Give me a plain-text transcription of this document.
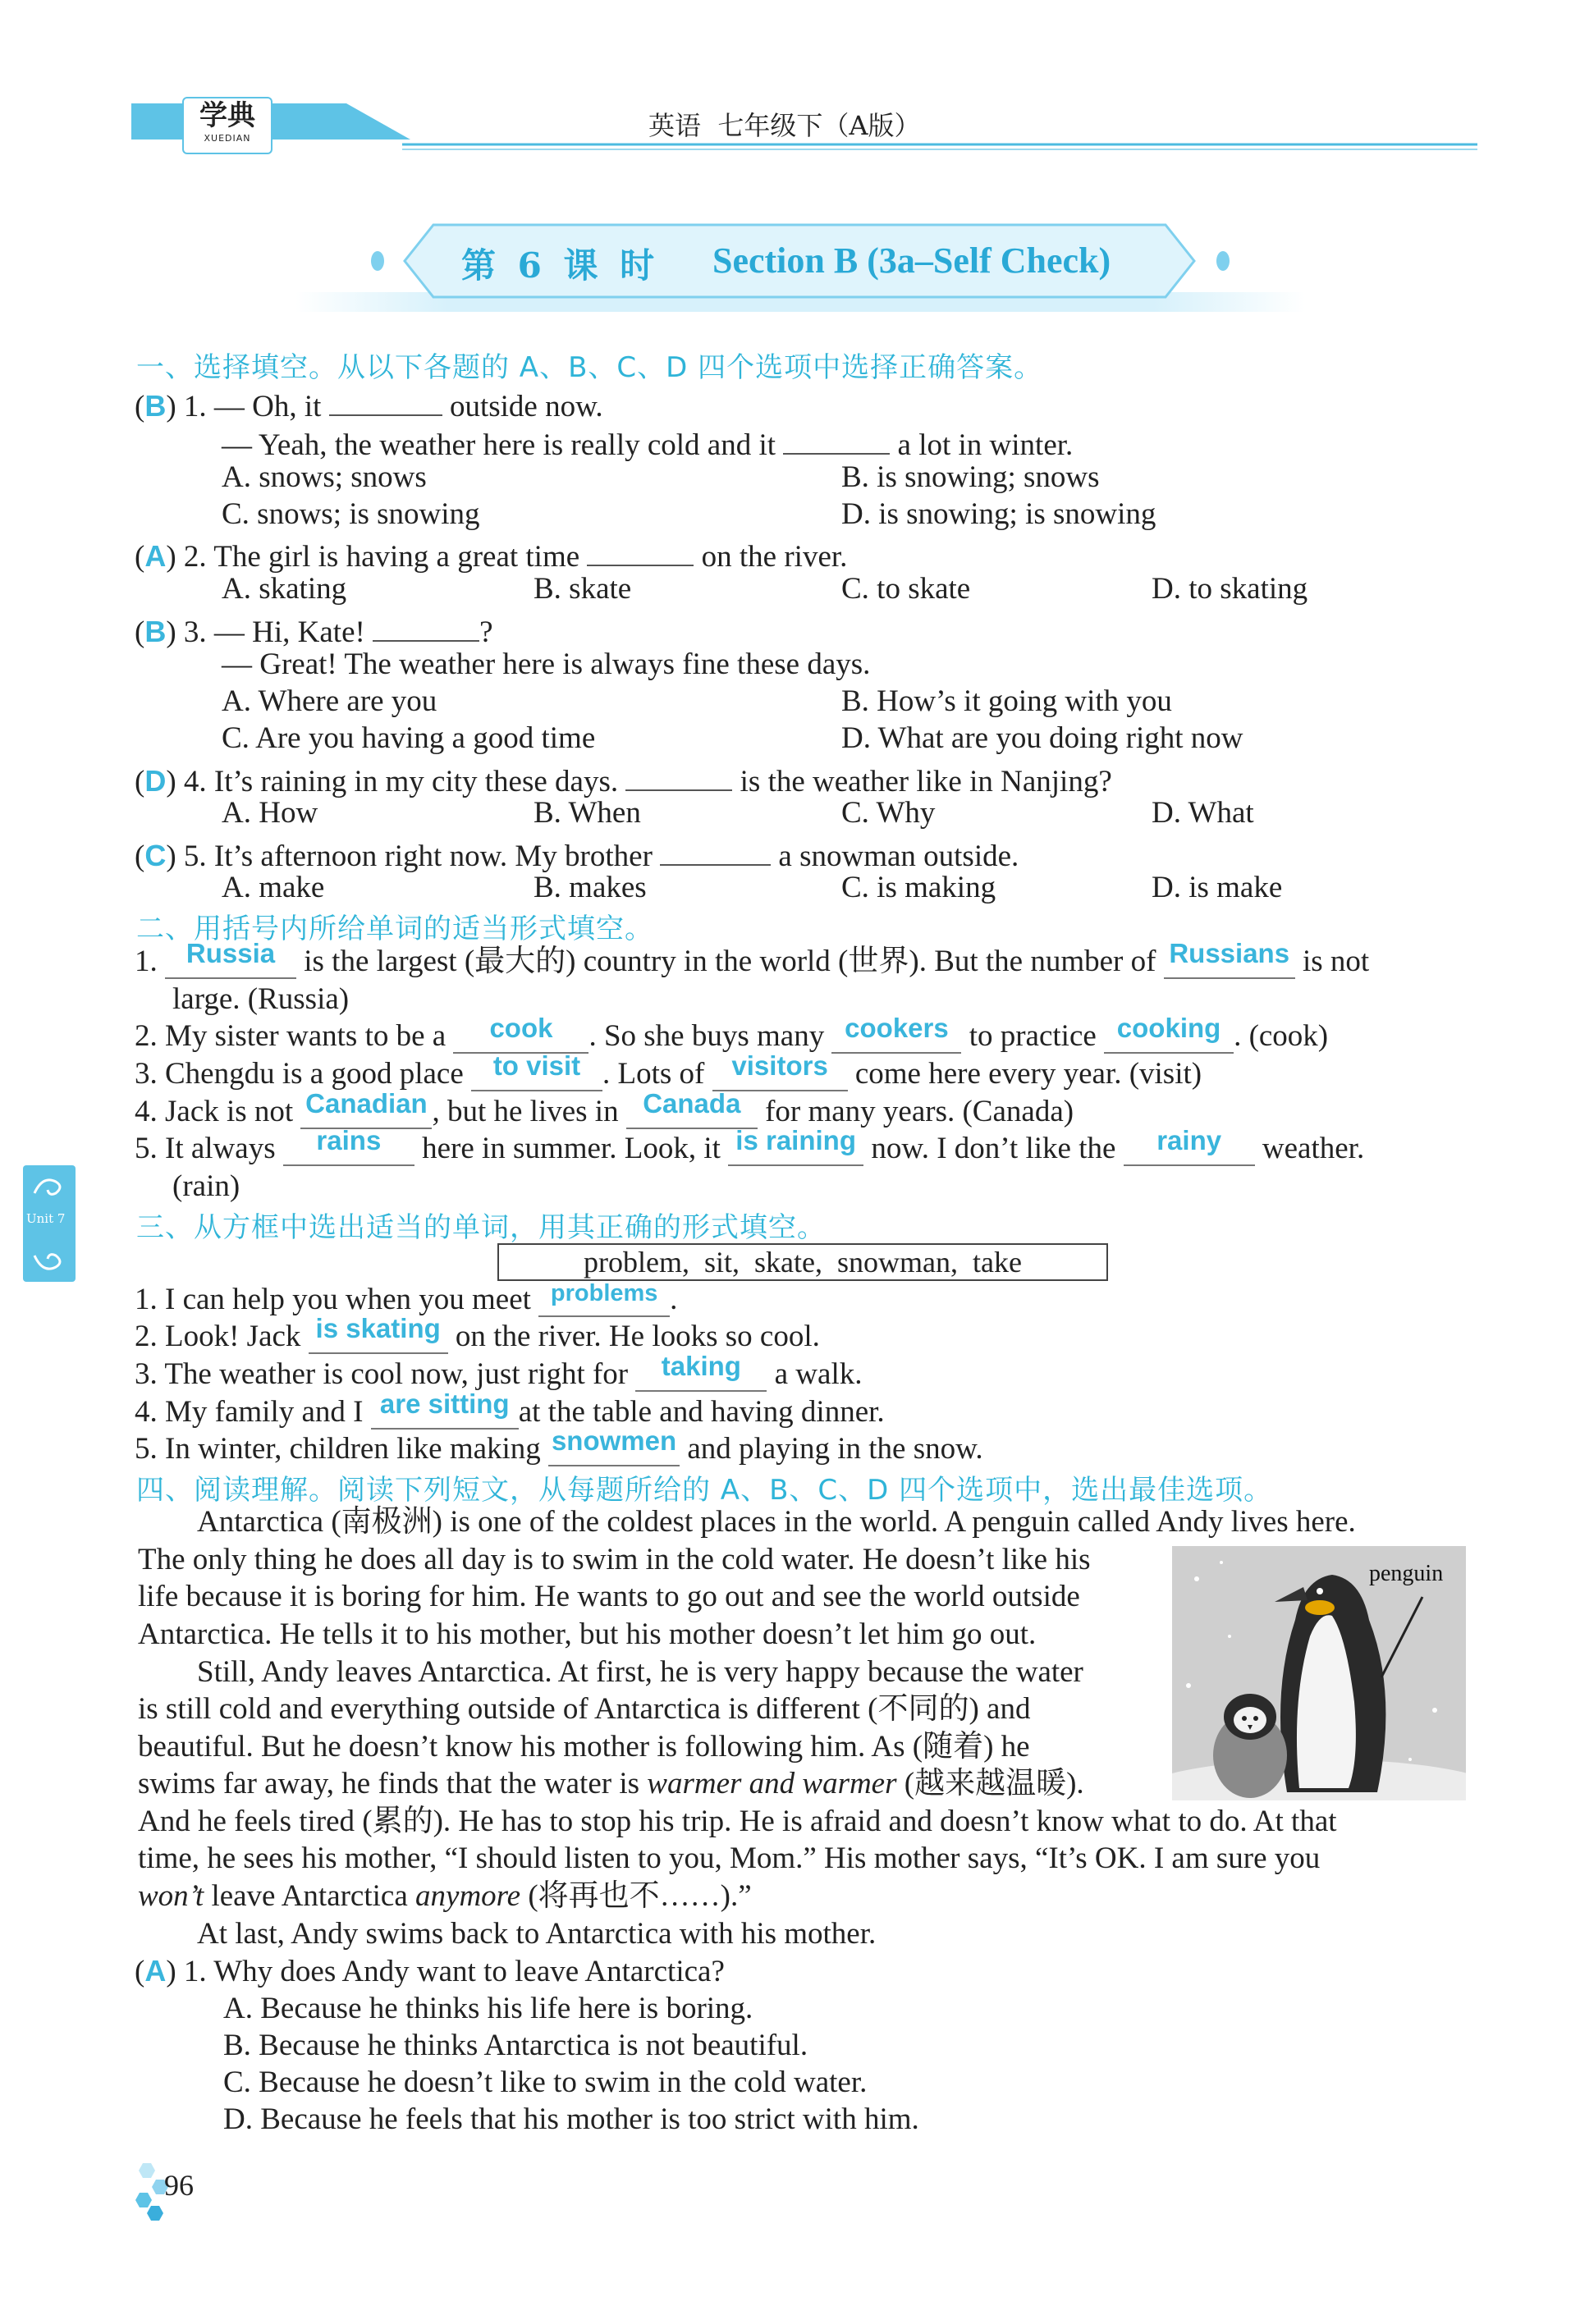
学典
XUEDIAN	英语  七年级下（A版）
第 6 课 时 Section B (3a–Self Check)
Unit 7
一、选择填空。从以下各题的 A、B、C、D 四个选项中选择正确答案。
(B) 1. — Oh, it	outside now.
— Yeah, the weather here is really cold and it	a lot in winter.
A. snows; snows	B. is snowing; snows
C. snows; is snowing	D. is snowing; is snowing
(A) 2. The girl is having a great time	on the river.
A. skating	B. skate	C. to skate	D. to skating
(B) 3. — Hi, Kate!	?
— Great! The weather here is always fine these days.
A. Where are you	B. How’s it going with you
C. Are you having a good time	D. What are you doing right now
(D) 4. It’s raining in my city these days.	is the weather like in Nanjing?
A. How	B. When	C. Why	D. What
(C) 5. It’s afternoon right now. My brother	a snowman outside.
A. make	B. makes	C. is making	D. is make
二、用括号内所给单词的适当形式填空。
1. Russia is the largest (最大的) country in the world (世界). But the number of Russians is not
large. (Russia)
2. My sister wants to be a cook . So she buys many cookers to practice cooking . (cook)
3. Chengdu is a good place to visit . Lots of visitors come here every year. (visit)
4. Jack is not Canadian , but he lives in Canada for many years. (Canada)
5. It always rains here in summer. Look, it is raining now. I don’t like the rainy weather.
(rain)
三、从方框中选出适当的单词，用其正确的形式填空。
problem,  sit,  skate,  snowman,  take
1. I can help you when you meet $^{problems}$ .
2. Look! Jack is skating on the river. He looks so cool.
3. The weather is cool now, just right for taking a walk.
4. My family and I are sitting at the table and having dinner.
5. In winter, children like making snowmen and playing in the snow.
四、阅读理解。阅读下列短文，从每题所给的 A、B、C、D 四个选项中，选出最佳选项。
Antarctica (南极洲) is one of the coldest places in the world. A penguin called Andy lives here.
The only thing he does all day is to swim in the cold water. He doesn’t like his
life because it is boring for him. He wants to go out and see the world outside
Antarctica. He tells it to his mother, but his mother doesn’t let him go out.
Still, Andy leaves Antarctica. At first, he is very happy because the water
is still cold and everything outside of Antarctica is different (不同的) and
beautiful. But he doesn’t know his mother is following him. As (随着) he
swims far away, he finds that the water is warmer and warmer (越来越温暖).
And he feels tired (累的). He has to stop his trip. He is afraid and doesn’t know what to do. At that
time, he sees his mother, “I should listen to you, Mom.” His mother says, “It’s OK. I am sure you
won’t leave Antarctica anymore (将再也不……).”
At last, Andy swims back to Antarctica with his mother.
penguin
(A) 1. Why does Andy want to leave Antarctica?
A. Because he thinks his life here is boring.
B. Because he thinks Antarctica is not beautiful.
C. Because he doesn’t like to swim in the cold water.
D. Because he feels that his mother is too strict with him.
96
